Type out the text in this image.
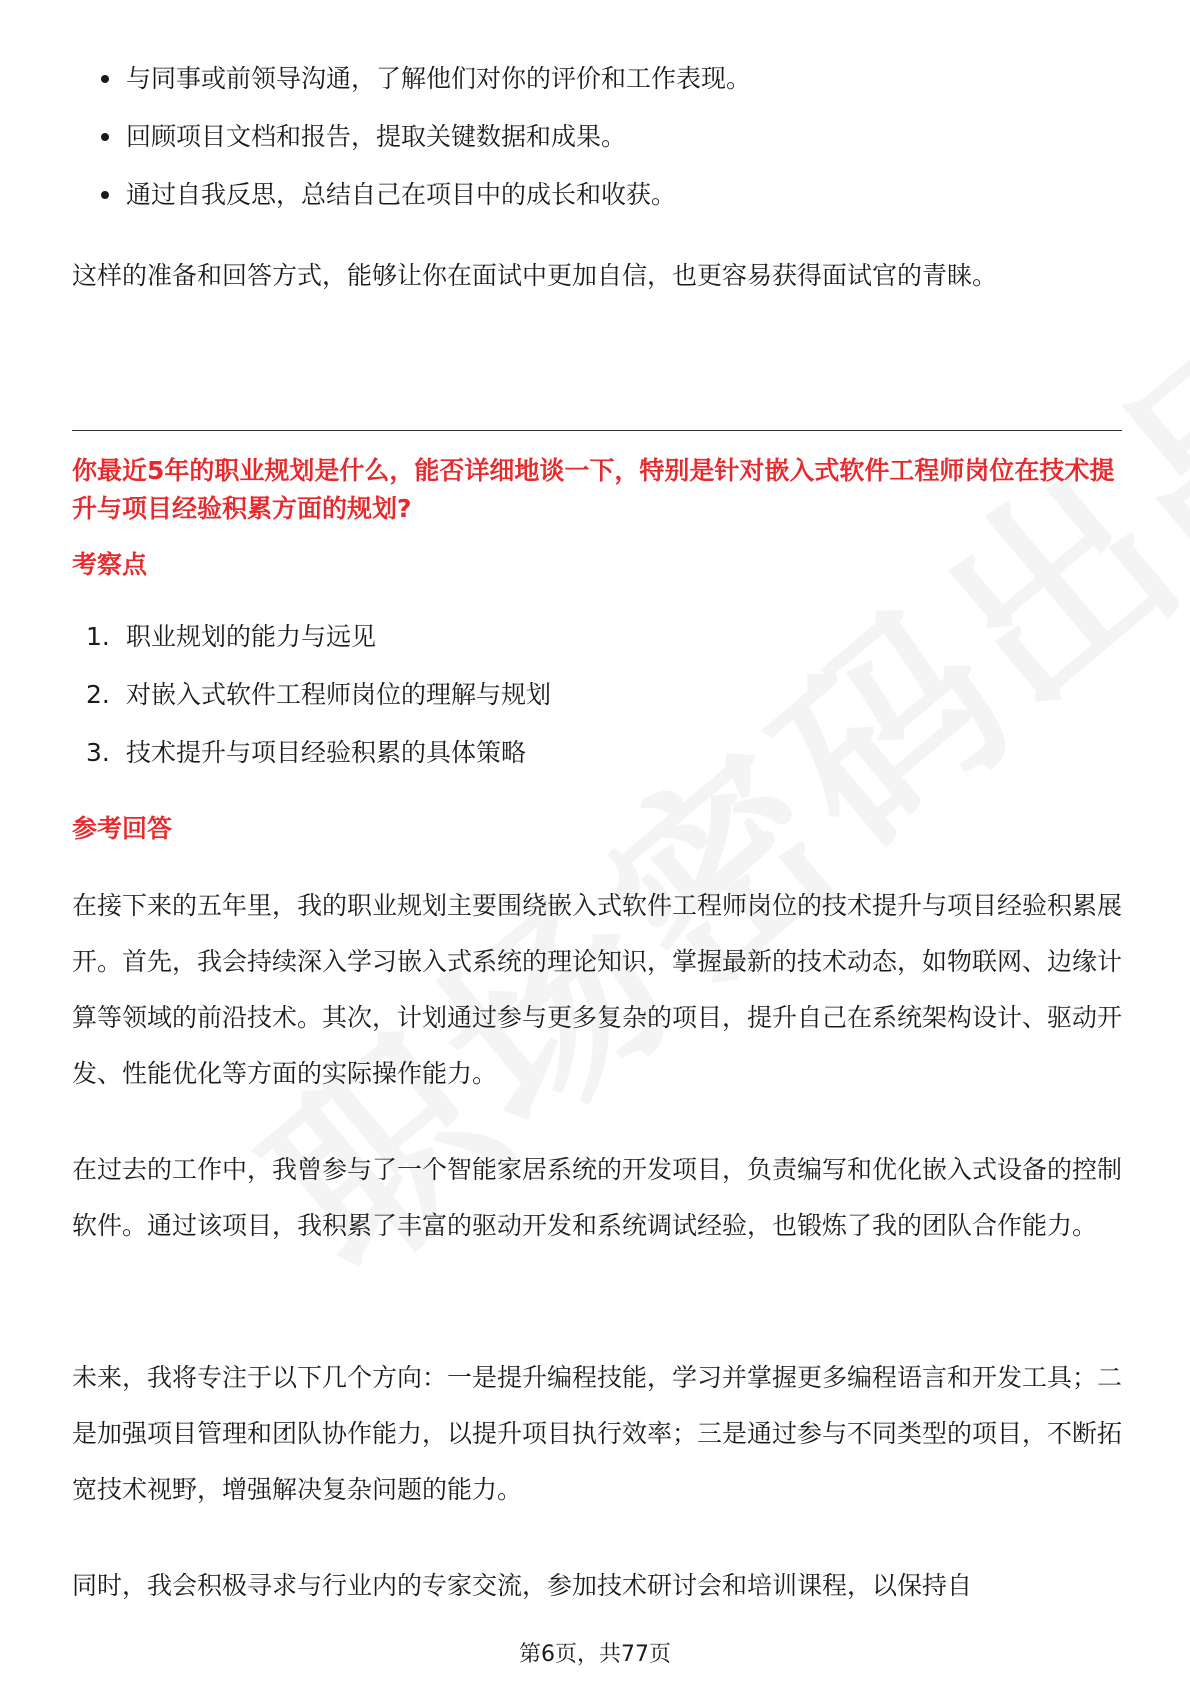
与同事或前领导沟通，了解他们对你的评价和工作表现。
回顾项目文档和报告，提取关键数据和成果。
通过自我反思，总结自己在项目中的成长和收获。

这样的准备和回答方式，能够让你在面试中更加自信，也更容易获得面试官的青睐。

你最近5年的职业规划是什么，能否详细地谈一下，特别是针对嵌入式软件工程师岗位在技术提升与项目经验积累方面的规划?

考察点

1. 职业规划的能力与远见
2. 对嵌入式软件工程师岗位的理解与规划
3. 技术提升与项目经验积累的具体策略

参考回答

在接下来的五年里，我的职业规划主要围绕嵌入式软件工程师岗位的技术提升与项目经验积累展开。首先，我会持续深入学习嵌入式系统的理论知识，掌握最新的技术动态，如物联网、边缘计算等领域的前沿技术。其次，计划通过参与更多复杂的项目，提升自己在系统架构设计、驱动开发、性能优化等方面的实际操作能力。

在过去的工作中，我曾参与了一个智能家居系统的开发项目，负责编写和优化嵌入式设备的控制软件。通过该项目，我积累了丰富的驱动开发和系统调试经验，也锻炼了我的团队合作能力。

未来，我将专注于以下几个方向：一是提升编程技能，学习并掌握更多编程语言和开发工具；二是加强项目管理和团队协作能力，以提升项目执行效率；三是通过参与不同类型的项目，不断拓宽技术视野，增强解决复杂问题的能力。

同时，我会积极寻求与行业内的专家交流，参加技术研讨会和培训课程，以保持自

第6页，共77页
